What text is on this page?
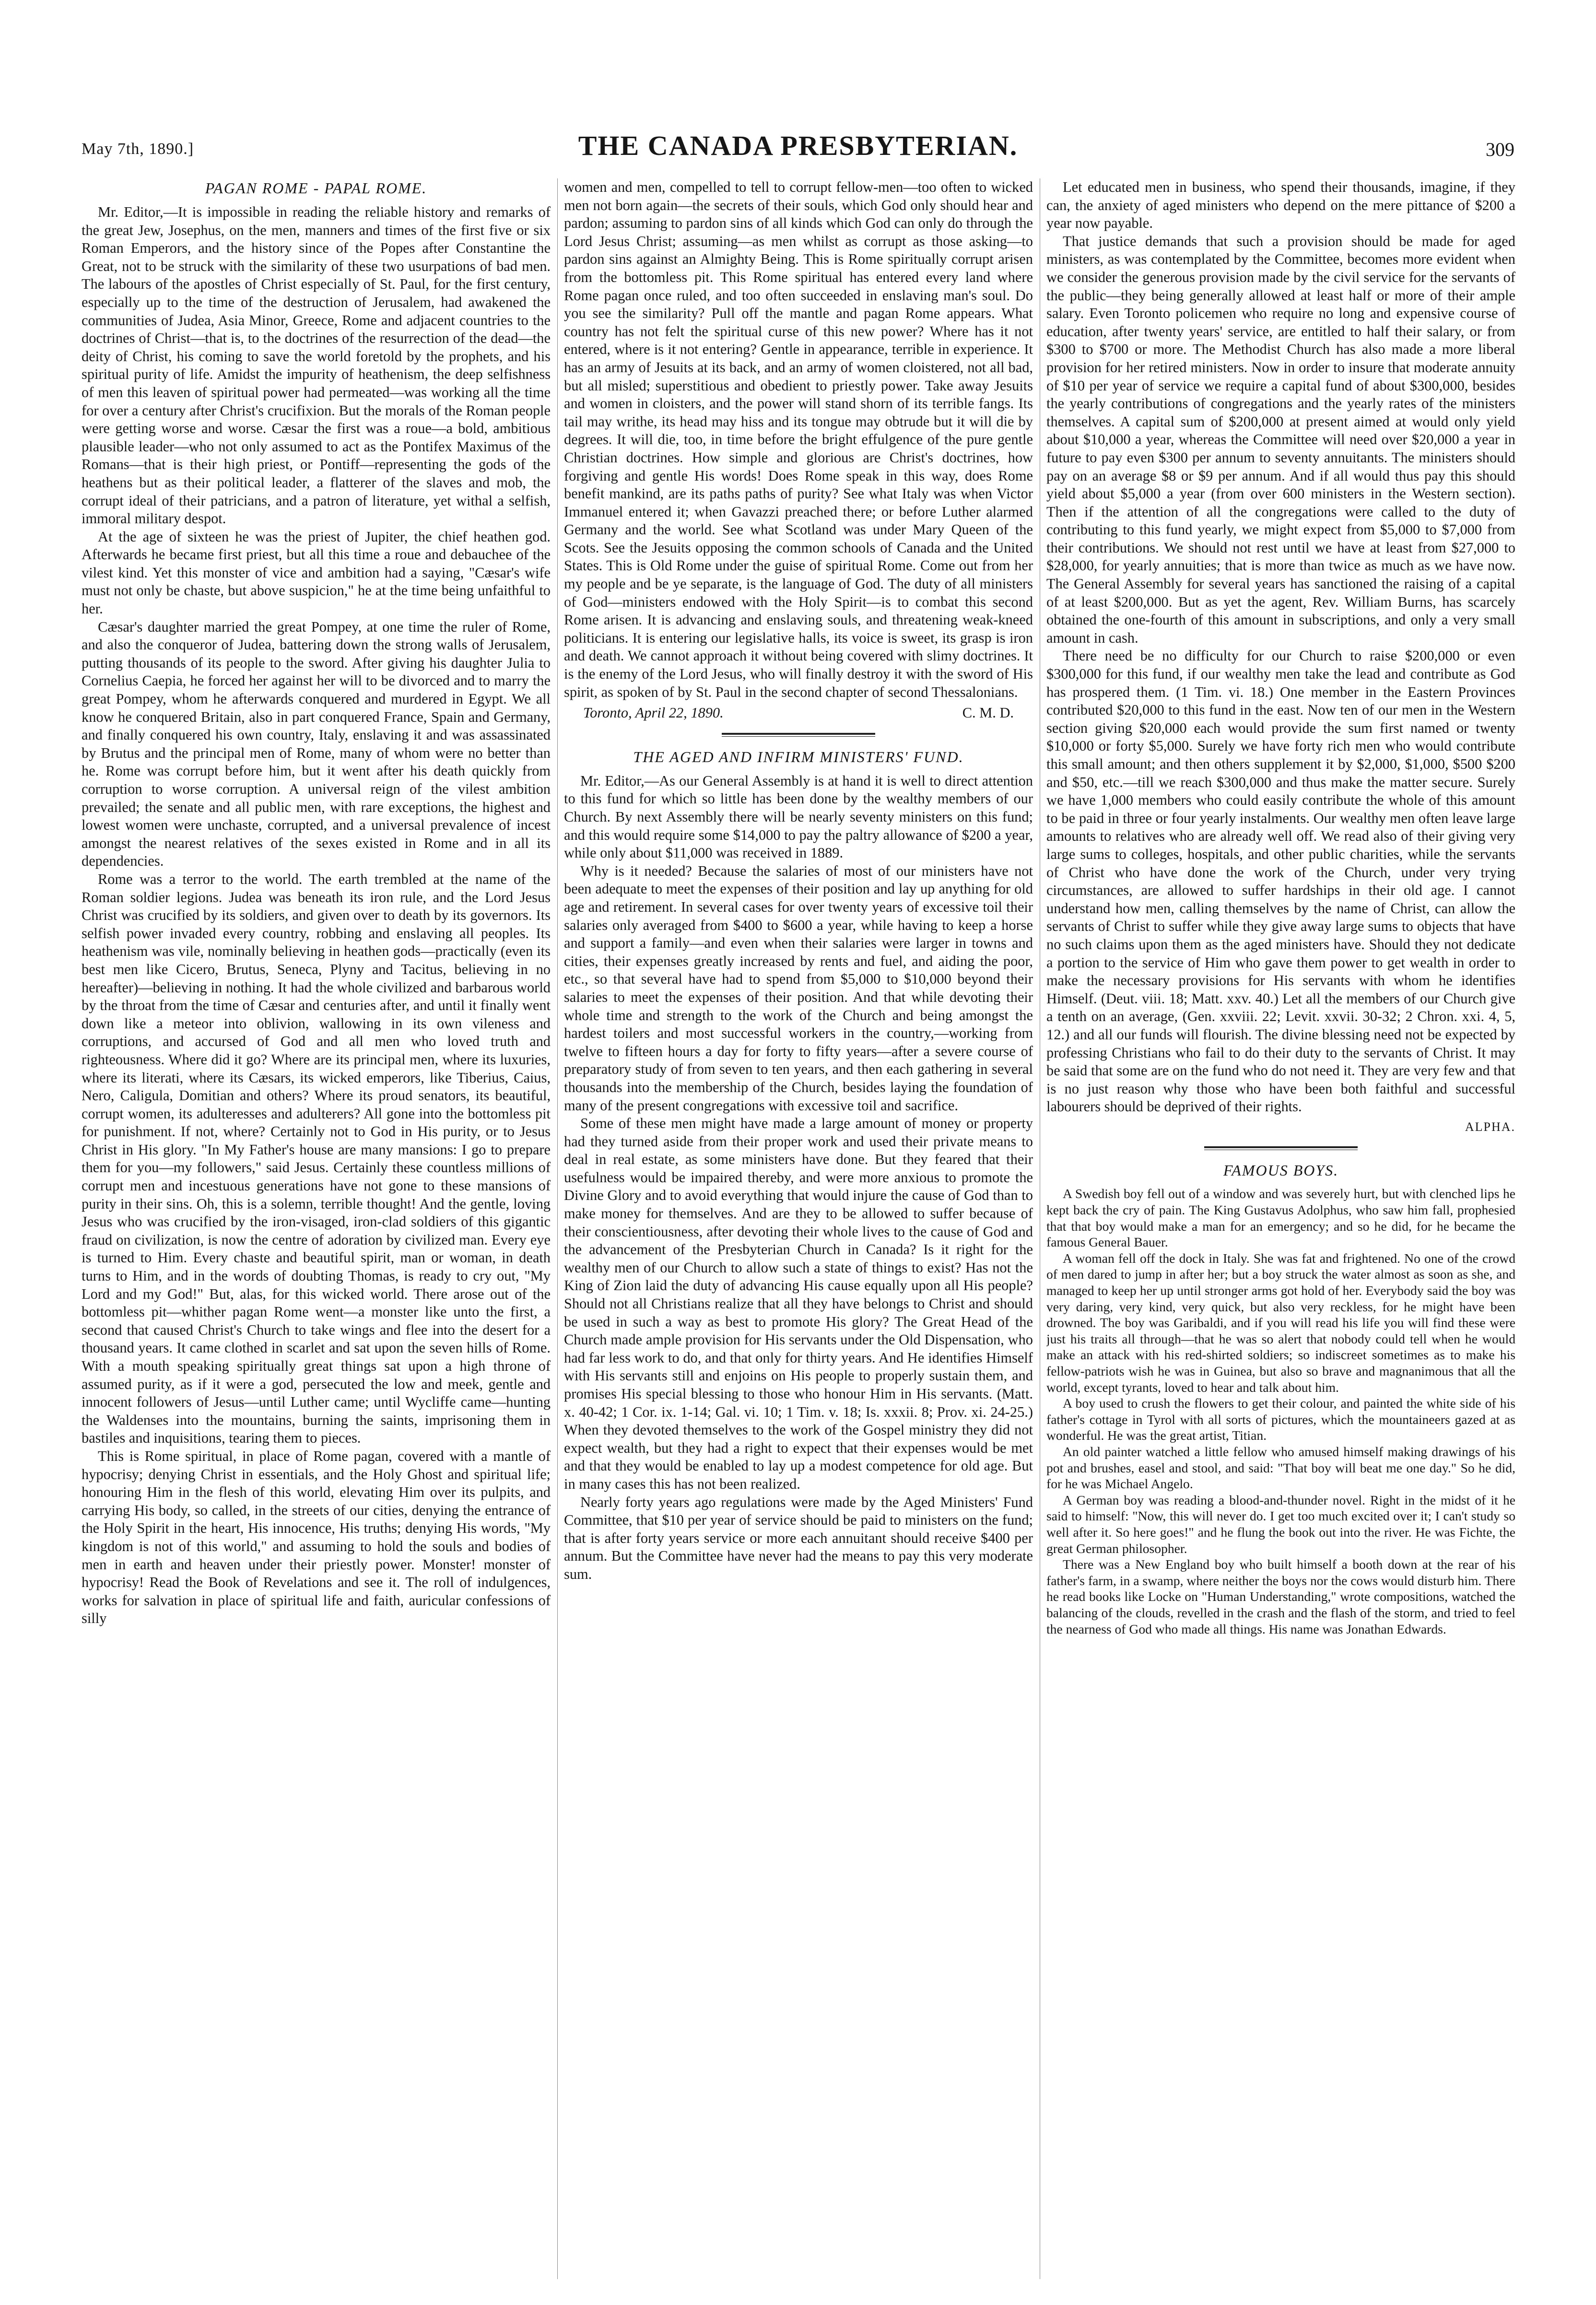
May 7th, 1890.]	THE CANADA PRESBYTERIAN.	309
PAGAN ROME - PAPAL ROME.

Mr. Editor,—It is impossible in reading the reliable history and remarks of the great Jew, Josephus, on the men, manners and times of the first five or six Roman Emperors, and the history since of the Popes after Constantine the Great, not to be struck with the similarity of these two usurpations of bad men. The labours of the apostles of Christ especially of St. Paul, for the first century, especially up to the time of the destruction of Jerusalem, had awakened the communities of Judea, Asia Minor, Greece, Rome and adjacent countries to the doctrines of Christ—that is, to the doctrines of the resurrection of the dead—the deity of Christ, his coming to save the world foretold by the prophets, and his spiritual purity of life. Amidst the impurity of heathenism, the deep selfishness of men this leaven of spiritual power had permeated—was working all the time for over a century after Christ's crucifixion. But the morals of the Roman people were getting worse and worse. Cæsar the first was a roue—a bold, ambitious plausible leader—who not only assumed to act as the Pontifex Maximus of the Romans—that is their high priest, or Pontiff—representing the gods of the heathens but as their political leader, a flatterer of the slaves and mob, the corrupt ideal of their patricians, and a patron of literature, yet withal a selfish, immoral military despot.

At the age of sixteen he was the priest of Jupiter, the chief heathen god. Afterwards he became first priest, but all this time a roue and debauchee of the vilest kind. Yet this monster of vice and ambition had a saying, "Cæsar's wife must not only be chaste, but above suspicion," he at the time being unfaithful to her.

Cæsar's daughter married the great Pompey, at one time the ruler of Rome, and also the conqueror of Judea, battering down the strong walls of Jerusalem, putting thousands of its people to the sword. After giving his daughter Julia to Cornelius Caepia, he forced her against her will to be divorced and to marry the great Pompey, whom he afterwards conquered and murdered in Egypt. We all know he conquered Britain, also in part conquered France, Spain and Germany, and finally conquered his own country, Italy, enslaving it and was assassinated by Brutus and the principal men of Rome, many of whom were no better than he. Rome was corrupt before him, but it went after his death quickly from corruption to worse corruption. A universal reign of the vilest ambition prevailed; the senate and all public men, with rare exceptions, the highest and lowest women were unchaste, corrupted, and a universal prevalence of incest amongst the nearest relatives of the sexes existed in Rome and in all its dependencies.

Rome was a terror to the world. The earth trembled at the name of the Roman soldier legions. Judea was beneath its iron rule, and the Lord Jesus Christ was crucified by its soldiers, and given over to death by its governors. Its selfish power invaded every country, robbing and enslaving all peoples. Its heathenism was vile, nominally believing in heathen gods—practically (even its best men like Cicero, Brutus, Seneca, Plyny and Tacitus, believing in no hereafter)—believing in nothing. It had the whole civilized and barbarous world by the throat from the time of Cæsar and centuries after, and until it finally went down like a meteor into oblivion, wallowing in its own vileness and corruptions, and accursed of God and all men who loved truth and righteousness. Where did it go? Where are its principal men, where its luxuries, where its literati, where its Cæsars, its wicked emperors, like Tiberius, Caius, Nero, Caligula, Domitian and others? Where its proud senators, its beautiful, corrupt women, its adulteresses and adulterers? All gone into the bottomless pit for punishment. If not, where? Certainly not to God in His purity, or to Jesus Christ in His glory. "In My Father's house are many mansions: I go to prepare them for you—my followers," said Jesus. Certainly these countless millions of corrupt men and incestuous generations have not gone to these mansions of purity in their sins. Oh, this is a solemn, terrible thought! And the gentle, loving Jesus who was crucified by the iron-visaged, iron-clad soldiers of this gigantic fraud on civilization, is now the centre of adoration by civilized man. Every eye is turned to Him. Every chaste and beautiful spirit, man or woman, in death turns to Him, and in the words of doubting Thomas, is ready to cry out, "My Lord and my God!" But, alas, for this wicked world. There arose out of the bottomless pit—whither pagan Rome went—a monster like unto the first, a second that caused Christ's Church to take wings and flee into the desert for a thousand years. It came clothed in scarlet and sat upon the seven hills of Rome. With a mouth speaking spiritually great things sat upon a high throne of assumed purity, as if it were a god, persecuted the low and meek, gentle and innocent followers of Jesus—until Luther came; until Wycliffe came—hunting the Waldenses into the mountains, burning the saints, imprisoning them in bastiles and inquisitions, tearing them to pieces.

This is Rome spiritual, in place of Rome pagan, covered with a mantle of hypocrisy; denying Christ in essentials, and the Holy Ghost and spiritual life; honouring Him in the flesh of this world, elevating Him over its pulpits, and carrying His body, so called, in the streets of our cities, denying the entrance of the Holy Spirit in the heart, His innocence, His truths; denying His words, "My kingdom is not of this world," and assuming to hold the souls and bodies of men in earth and heaven under their priestly power. Monster! monster of hypocrisy! Read the Book of Revelations and see it. The roll of indulgences, works for salvation in place of spiritual life and faith, auricular confessions of silly

women and men, compelled to tell to corrupt fellow-men—too often to wicked men not born again—the secrets of their souls, which God only should hear and pardon; assuming to pardon sins of all kinds which God can only do through the Lord Jesus Christ; assuming—as men whilst as corrupt as those asking—to pardon sins against an Almighty Being. This is Rome spiritually corrupt arisen from the bottomless pit. This Rome spiritual has entered every land where Rome pagan once ruled, and too often succeeded in enslaving man's soul. Do you see the similarity? Pull off the mantle and pagan Rome appears. What country has not felt the spiritual curse of this new power? Where has it not entered, where is it not entering? Gentle in appearance, terrible in experience. It has an army of Jesuits at its back, and an army of women cloistered, not all bad, but all misled; superstitious and obedient to priestly power. Take away Jesuits and women in cloisters, and the power will stand shorn of its terrible fangs. Its tail may writhe, its head may hiss and its tongue may obtrude but it will die by degrees. It will die, too, in time before the bright effulgence of the pure gentle Christian doctrines. How simple and glorious are Christ's doctrines, how forgiving and gentle His words! Does Rome speak in this way, does Rome benefit mankind, are its paths paths of purity? See what Italy was when Victor Immanuel entered it; when Gavazzi preached there; or before Luther alarmed Germany and the world. See what Scotland was under Mary Queen of the Scots. See the Jesuits opposing the common schools of Canada and the United States. This is Old Rome under the guise of spiritual Rome. Come out from her my people and be ye separate, is the language of God. The duty of all ministers of God—ministers endowed with the Holy Spirit—is to combat this second Rome arisen. It is advancing and enslaving souls, and threatening weak-kneed politicians. It is entering our legislative halls, its voice is sweet, its grasp is iron and death. We cannot approach it without being covered with slimy doctrines. It is the enemy of the Lord Jesus, who will finally destroy it with the sword of His spirit, as spoken of by St. Paul in the second chapter of second Thessalonians.

Toronto, April 22, 1890.	C. M. D.
THE AGED AND INFIRM MINISTERS' FUND.

Mr. Editor,—As our General Assembly is at hand it is well to direct attention to this fund for which so little has been done by the wealthy members of our Church. By next Assembly there will be nearly seventy ministers on this fund; and this would require some $14,000 to pay the paltry allowance of $200 a year, while only about $11,000 was received in 1889.

Why is it needed? Because the salaries of most of our ministers have not been adequate to meet the expenses of their position and lay up anything for old age and retirement. In several cases for over twenty years of excessive toil their salaries only averaged from $400 to $600 a year, while having to keep a horse and support a family—and even when their salaries were larger in towns and cities, their expenses greatly increased by rents and fuel, and aiding the poor, etc., so that several have had to spend from $5,000 to $10,000 beyond their salaries to meet the expenses of their position. And that while devoting their whole time and strength to the work of the Church and being amongst the hardest toilers and most successful workers in the country,—working from twelve to fifteen hours a day for forty to fifty years—after a severe course of preparatory study of from seven to ten years, and then each gathering in several thousands into the membership of the Church, besides laying the foundation of many of the present congregations with excessive toil and sacrifice.

Some of these men might have made a large amount of money or property had they turned aside from their proper work and used their private means to deal in real estate, as some ministers have done. But they feared that their usefulness would be impaired thereby, and were more anxious to promote the Divine Glory and to avoid everything that would injure the cause of God than to make money for themselves. And are they to be allowed to suffer because of their conscientiousness, after devoting their whole lives to the cause of God and the advancement of the Presbyterian Church in Canada? Is it right for the wealthy men of our Church to allow such a state of things to exist? Has not the King of Zion laid the duty of advancing His cause equally upon all His people? Should not all Christians realize that all they have belongs to Christ and should be used in such a way as best to promote His glory? The Great Head of the Church made ample provision for His servants under the Old Dispensation, who had far less work to do, and that only for thirty years. And He identifies Himself with His servants still and enjoins on His people to properly sustain them, and promises His special blessing to those who honour Him in His servants. (Matt. x. 40-42; 1 Cor. ix. 1-14; Gal. vi. 10; 1 Tim. v. 18; Is. xxxii. 8; Prov. xi. 24-25.) When they devoted themselves to the work of the Gospel ministry they did not expect wealth, but they had a right to expect that their expenses would be met and that they would be enabled to lay up a modest competence for old age. But in many cases this has not been realized.

Nearly forty years ago regulations were made by the Aged Ministers' Fund Committee, that $10 per year of service should be paid to ministers on the fund; that is after forty years service or more each annuitant should receive $400 per annum. But the Committee have never had the means to pay this very moderate sum.

Let educated men in business, who spend their thousands, imagine, if they can, the anxiety of aged ministers who depend on the mere pittance of $200 a year now payable.

That justice demands that such a provision should be made for aged ministers, as was contemplated by the Committee, becomes more evident when we consider the generous provision made by the civil service for the servants of the public—they being generally allowed at least half or more of their ample salary. Even Toronto policemen who require no long and expensive course of education, after twenty years' service, are entitled to half their salary, or from $300 to $700 or more. The Methodist Church has also made a more liberal provision for her retired ministers. Now in order to insure that moderate annuity of $10 per year of service we require a capital fund of about $300,000, besides the yearly contributions of congregations and the yearly rates of the ministers themselves. A capital sum of $200,000 at present aimed at would only yield about $10,000 a year, whereas the Committee will need over $20,000 a year in future to pay even $300 per annum to seventy annuitants. The ministers should pay on an average $8 or $9 per annum. And if all would thus pay this should yield about $5,000 a year (from over 600 ministers in the Western section). Then if the attention of all the congregations were called to the duty of contributing to this fund yearly, we might expect from $5,000 to $7,000 from their contributions. We should not rest until we have at least from $27,000 to $28,000, for yearly annuities; that is more than twice as much as we have now. The General Assembly for several years has sanctioned the raising of a capital of at least $200,000. But as yet the agent, Rev. William Burns, has scarcely obtained the one-fourth of this amount in subscriptions, and only a very small amount in cash.

There need be no difficulty for our Church to raise $200,000 or even $300,000 for this fund, if our wealthy men take the lead and contribute as God has prospered them. (1 Tim. vi. 18.) One member in the Eastern Provinces contributed $20,000 to this fund in the east. Now ten of our men in the Western section giving $20,000 each would provide the sum first named or twenty $10,000 or forty $5,000. Surely we have forty rich men who would contribute this small amount; and then others supplement it by $2,000, $1,000, $500 $200 and $50, etc.—till we reach $300,000 and thus make the matter secure. Surely we have 1,000 members who could easily contribute the whole of this amount to be paid in three or four yearly instalments. Our wealthy men often leave large amounts to relatives who are already well off. We read also of their giving very large sums to colleges, hospitals, and other public charities, while the servants of Christ who have done the work of the Church, under very trying circumstances, are allowed to suffer hardships in their old age. I cannot understand how men, calling themselves by the name of Christ, can allow the servants of Christ to suffer while they give away large sums to objects that have no such claims upon them as the aged ministers have. Should they not dedicate a portion to the service of Him who gave them power to get wealth in order to make the necessary provisions for His servants with whom he identifies Himself. (Deut. viii. 18; Matt. xxv. 40.) Let all the members of our Church give a tenth on an average, (Gen. xxviii. 22; Levit. xxvii. 30-32; 2 Chron. xxi. 4, 5, 12.) and all our funds will flourish. The divine blessing need not be expected by professing Christians who fail to do their duty to the servants of Christ. It may be said that some are on the fund who do not need it. They are very few and that is no just reason why those who have been both faithful and successful labourers should be deprived of their rights.

ALPHA.
FAMOUS BOYS.

A Swedish boy fell out of a window and was severely hurt, but with clenched lips he kept back the cry of pain. The King Gustavus Adolphus, who saw him fall, prophesied that that boy would make a man for an emergency; and so he did, for he became the famous General Bauer.

A woman fell off the dock in Italy. She was fat and frightened. No one of the crowd of men dared to jump in after her; but a boy struck the water almost as soon as she, and managed to keep her up until stronger arms got hold of her. Everybody said the boy was very daring, very kind, very quick, but also very reckless, for he might have been drowned. The boy was Garibaldi, and if you will read his life you will find these were just his traits all through—that he was so alert that nobody could tell when he would make an attack with his red-shirted soldiers; so indiscreet sometimes as to make his fellow-patriots wish he was in Guinea, but also so brave and magnanimous that all the world, except tyrants, loved to hear and talk about him.

A boy used to crush the flowers to get their colour, and painted the white side of his father's cottage in Tyrol with all sorts of pictures, which the mountaineers gazed at as wonderful. He was the great artist, Titian.

An old painter watched a little fellow who amused himself making drawings of his pot and brushes, easel and stool, and said: "That boy will beat me one day." So he did, for he was Michael Angelo.

A German boy was reading a blood-and-thunder novel. Right in the midst of it he said to himself: "Now, this will never do. I get too much excited over it; I can't study so well after it. So here goes!" and he flung the book out into the river. He was Fichte, the great German philosopher.

There was a New England boy who built himself a booth down at the rear of his father's farm, in a swamp, where neither the boys nor the cows would disturb him. There he read books like Locke on "Human Understanding," wrote compositions, watched the balancing of the clouds, revelled in the crash and the flash of the storm, and tried to feel the nearness of God who made all things. His name was Jonathan Edwards.
